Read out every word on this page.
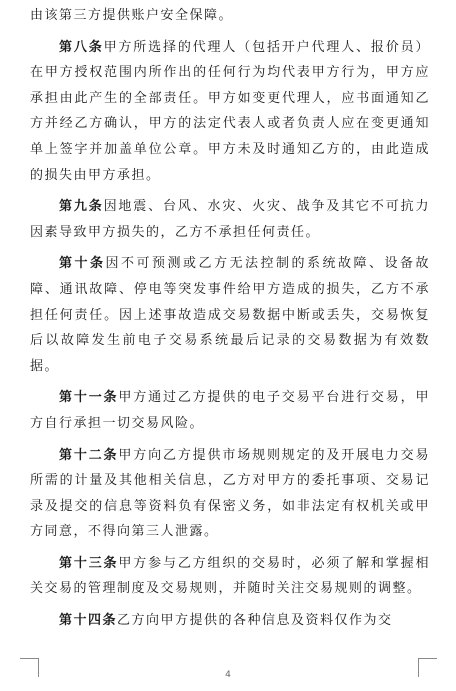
由该第三方提供账户安全保障。

第八条甲方所选择的代理人（包括开户代理人、报价员）在甲方授权范围内所作出的任何行为均代表甲方行为，甲方应承担由此产生的全部责任。甲方如变更代理人，应书面通知乙方并经乙方确认，甲方的法定代表人或者负责人应在变更通知单上签字并加盖单位公章。甲方未及时通知乙方的，由此造成的损失由甲方承担。

第九条因地震、台风、水灾、火灾、战争及其它不可抗力因素导致甲方损失的，乙方不承担任何责任。

第十条因不可预测或乙方无法控制的系统故障、设备故障、通讯故障、停电等突发事件给甲方造成的损失，乙方不承担任何责任。因上述事故造成交易数据中断或丢失，交易恢复后以故障发生前电子交易系统最后记录的交易数据为有效数据。

第十一条甲方通过乙方提供的电子交易平台进行交易，甲方自行承担一切交易风险。

第十二条甲方向乙方提供市场规则规定的及开展电力交易所需的计量及其他相关信息，乙方对甲方的委托事项、交易记录及提交的信息等资料负有保密义务，如非法定有权机关或甲方同意，不得向第三人泄露。

第十三条甲方参与乙方组织的交易时，必须了解和掌握相关交易的管理制度及交易规则，并随时关注交易规则的调整。

第十四条乙方向甲方提供的各种信息及资料仅作为交

4
